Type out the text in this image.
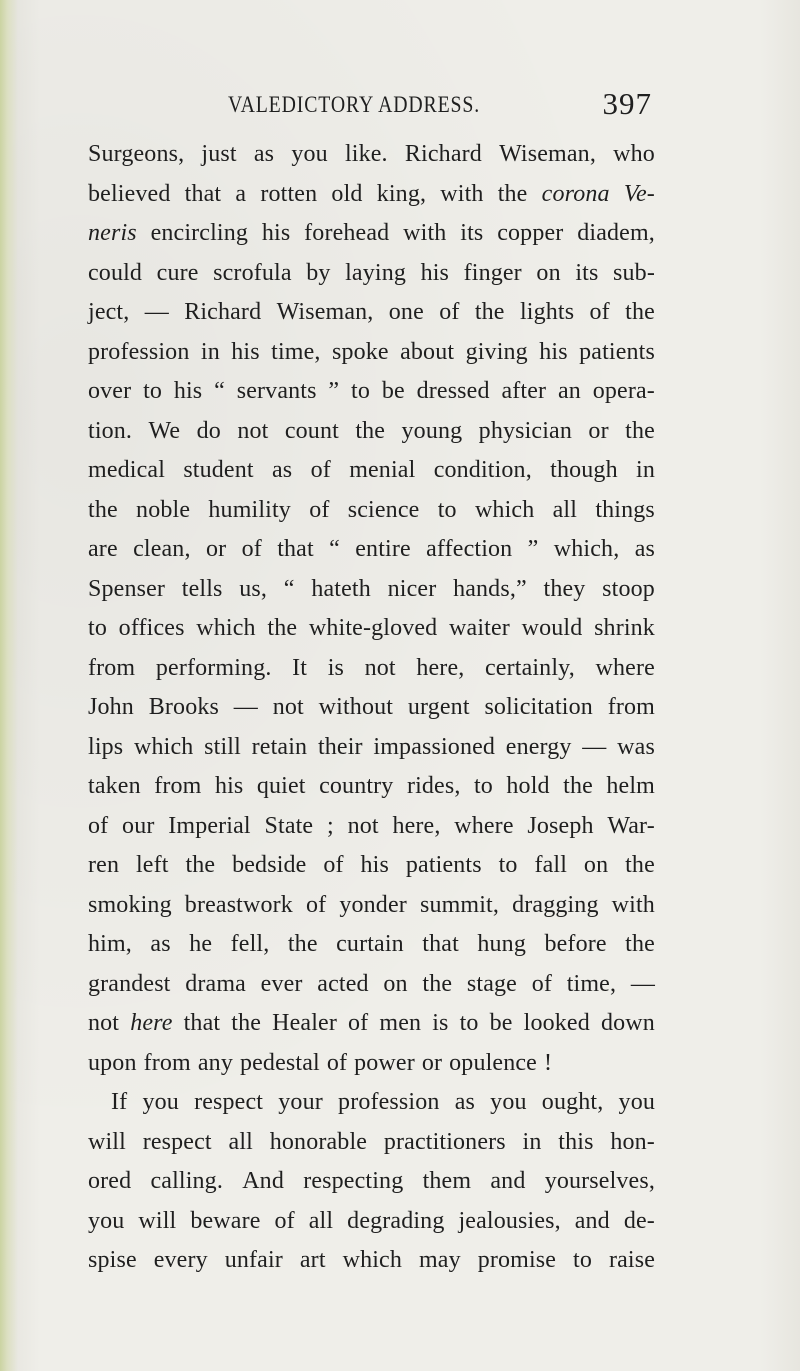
VALEDICTORY ADDRESS.	397
Surgeons, just as you like. Richard Wiseman, who
believed that a rotten old king, with the corona Ve-
neris encircling his forehead with its copper diadem,
could cure scrofula by laying his finger on its sub-
ject, — Richard Wiseman, one of the lights of the
profession in his time, spoke about giving his patients
over to his “ servants ” to be dressed after an opera-
tion. We do not count the young physician or the
medical student as of menial condition, though in
the noble humility of science to which all things
are clean, or of that “ entire affection ” which, as
Spenser tells us, “ hateth nicer hands,” they stoop
to offices which the white-gloved waiter would shrink
from performing. It is not here, certainly, where
John Brooks — not without urgent solicitation from
lips which still retain their impassioned energy — was
taken from his quiet country rides, to hold the helm
of our Imperial State ; not here, where Joseph War-
ren left the bedside of his patients to fall on the
smoking breastwork of yonder summit, dragging with
him, as he fell, the curtain that hung before the
grandest drama ever acted on the stage of time, —
not here that the Healer of men is to be looked down
upon from any pedestal of power or opulence !
If you respect your profession as you ought, you
will respect all honorable practitioners in this hon-
ored calling. And respecting them and yourselves,
you will beware of all degrading jealousies, and de-
spise every unfair art which may promise to raise
